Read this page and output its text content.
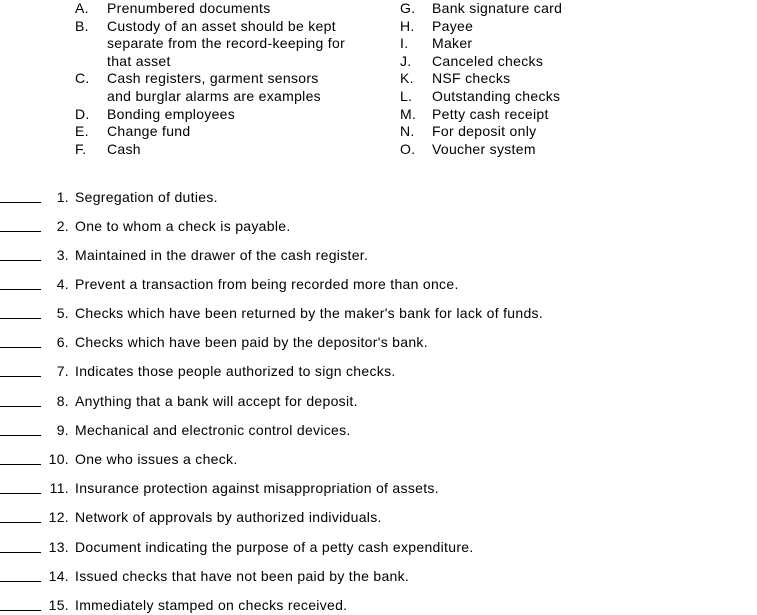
A.	Prenumbered documents
B.	Custody of an asset should be kept separate from the record-keeping for that asset
C.	Cash registers, garment sensors and burglar alarms are examples
D.	Bonding employees
E.	Change fund
F.	Cash
G.	Bank signature card
H.	Payee
I.	Maker
J.	Canceled checks
K.	NSF checks
L.	Outstanding checks
M.	Petty cash receipt
N.	For deposit only
O.	Voucher system
1. Segregation of duties.
2. One to whom a check is payable.
3. Maintained in the drawer of the cash register.
4. Prevent a transaction from being recorded more than once.
5. Checks which have been returned by the maker's bank for lack of funds.
6. Checks which have been paid by the depositor's bank.
7. Indicates those people authorized to sign checks.
8. Anything that a bank will accept for deposit.
9. Mechanical and electronic control devices.
10. One who issues a check.
11. Insurance protection against misappropriation of assets.
12. Network of approvals by authorized individuals.
13. Document indicating the purpose of a petty cash expenditure.
14. Issued checks that have not been paid by the bank.
15. Immediately stamped on checks received.
